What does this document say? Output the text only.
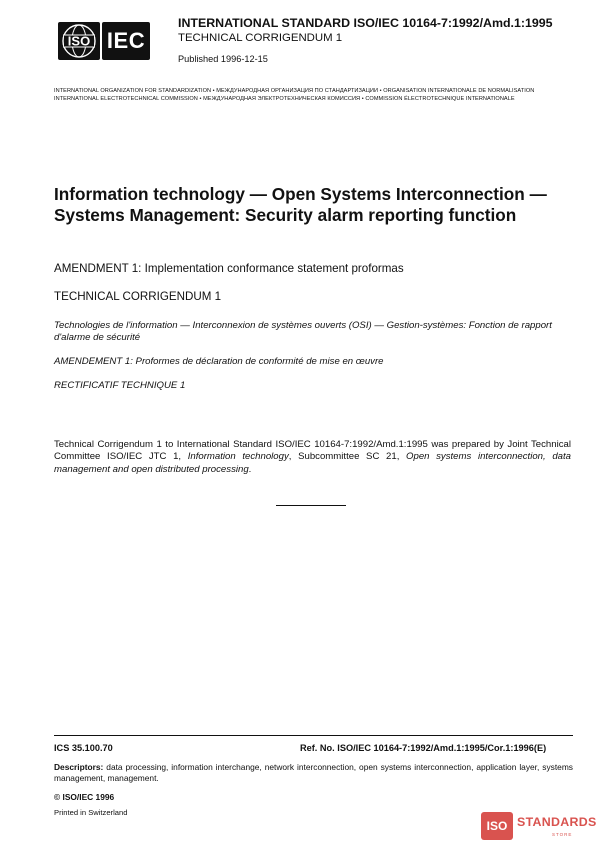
ISO IEC
INTERNATIONAL STANDARD ISO/IEC 10164-7:1992/Amd.1:1995
TECHNICAL CORRIGENDUM 1
Published 1996-12-15
INTERNATIONAL ORGANIZATION FOR STANDARDIZATION • МЕЖДУНАРОДНАЯ ОРГАНИЗАЦИЯ ПО СТАНДАРТИЗАЦИИ • ORGANISATION INTERNATIONALE DE NORMALISATION
INTERNATIONAL ELECTROTECHNICAL COMMISSION • МЕЖДУНАРОДНАЯ ЭЛЕКТРОТЕХНИЧЕСКАЯ КОМИССИЯ • COMMISSION ÉLECTROTECHNIQUE INTERNATIONALE
Information technology — Open Systems Interconnection — Systems Management: Security alarm reporting function
AMENDMENT 1: Implementation conformance statement proformas
TECHNICAL CORRIGENDUM 1
Technologies de l'information — Interconnexion de systèmes ouverts (OSI) — Gestion-systèmes: Fonction de rapport d'alarme de sécurité
AMENDEMENT 1: Proformes de déclaration de conformité de mise en œuvre
RECTIFICATIF TECHNIQUE 1
Technical Corrigendum 1 to International Standard ISO/IEC 10164-7:1992/Amd.1:1995 was prepared by Joint Technical Committee ISO/IEC JTC 1, Information technology, Subcommittee SC 21, Open systems interconnection, data management and open distributed processing.
ICS 35.100.70	Ref. No. ISO/IEC 10164-7:1992/Amd.1:1995/Cor.1:1996(E)
Descriptors: data processing, information interchange, network interconnection, open systems interconnection, application layer, systems management, management.
© ISO/IEC 1996
Printed in Switzerland
ISO STANDARDS
STORE
